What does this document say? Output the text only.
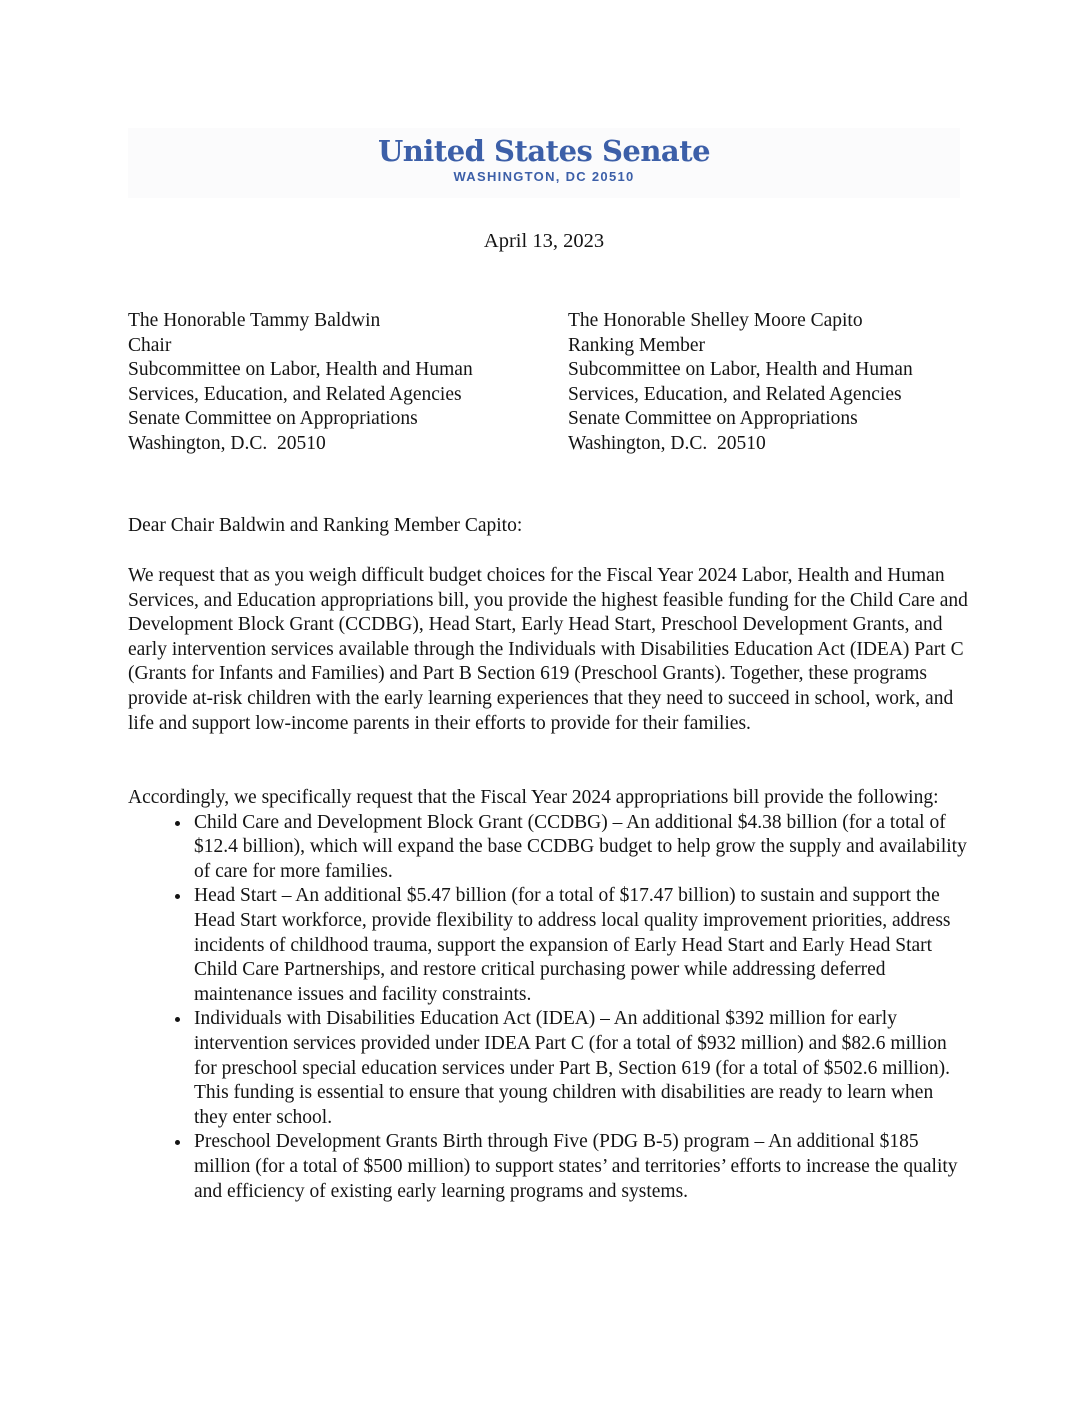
United States Senate
WASHINGTON, DC 20510
April 13, 2023
The Honorable Tammy Baldwin
Chair
Subcommittee on Labor, Health and Human
Services, Education, and Related Agencies
Senate Committee on Appropriations
Washington, D.C.  20510
The Honorable Shelley Moore Capito
Ranking Member
Subcommittee on Labor, Health and Human
Services, Education, and Related Agencies
Senate Committee on Appropriations
Washington, D.C.  20510
Dear Chair Baldwin and Ranking Member Capito:

We request that as you weigh difficult budget choices for the Fiscal Year 2024 Labor, Health and Human Services, and Education appropriations bill, you provide the highest feasible funding for the Child Care and Development Block Grant (CCDBG), Head Start, Early Head Start, Preschool Development Grants, and early intervention services available through the Individuals with Disabilities Education Act (IDEA) Part C (Grants for Infants and Families) and Part B Section 619 (Preschool Grants). Together, these programs provide at-risk children with the early learning experiences that they need to succeed in school, work, and life and support low-income parents in their efforts to provide for their families.

Accordingly, we specifically request that the Fiscal Year 2024 appropriations bill provide the following:

• Child Care and Development Block Grant (CCDBG) – An additional $4.38 billion (for a total of $12.4 billion), which will expand the base CCDBG budget to help grow the supply and availability of care for more families.
• Head Start – An additional $5.47 billion (for a total of $17.47 billion) to sustain and support the Head Start workforce, provide flexibility to address local quality improvement priorities, address incidents of childhood trauma, support the expansion of Early Head Start and Early Head Start Child Care Partnerships, and restore critical purchasing power while addressing deferred maintenance issues and facility constraints.
• Individuals with Disabilities Education Act (IDEA) – An additional $392 million for early intervention services provided under IDEA Part C (for a total of $932 million) and $82.6 million for preschool special education services under Part B, Section 619 (for a total of $502.6 million). This funding is essential to ensure that young children with disabilities are ready to learn when they enter school.
• Preschool Development Grants Birth through Five (PDG B-5) program – An additional $185 million (for a total of $500 million) to support states’ and territories’ efforts to increase the quality and efficiency of existing early learning programs and systems.
